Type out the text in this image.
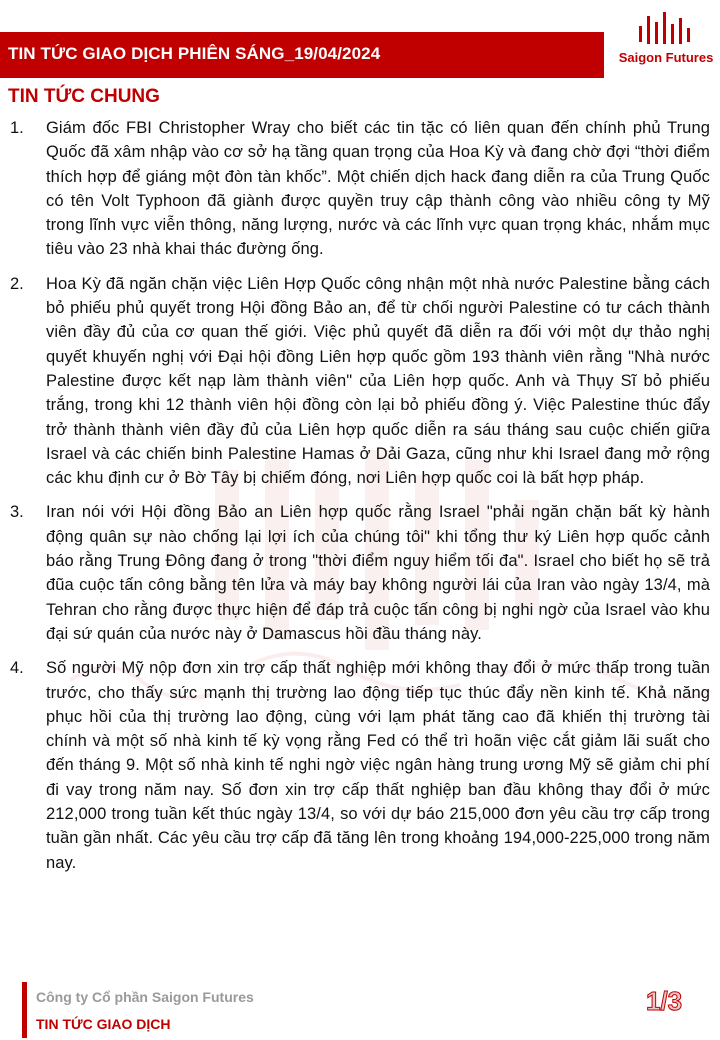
TIN TỨC GIAO DỊCH PHIÊN SÁNG_19/04/2024	Saigon Futures
TIN TỨC CHUNG
1. Giám đốc FBI Christopher Wray cho biết các tin tặc có liên quan đến chính phủ Trung Quốc đã xâm nhập vào cơ sở hạ tầng quan trọng của Hoa Kỳ và đang chờ đợi “thời điểm thích hợp để giáng một đòn tàn khốc”. Một chiến dịch hack đang diễn ra của Trung Quốc có tên Volt Typhoon đã giành được quyền truy cập thành công vào nhiều công ty Mỹ trong lĩnh vực viễn thông, năng lượng, nước và các lĩnh vực quan trọng khác, nhắm mục tiêu vào 23 nhà khai thác đường ống.

2. Hoa Kỳ đã ngăn chặn việc Liên Hợp Quốc công nhận một nhà nước Palestine bằng cách bỏ phiếu phủ quyết trong Hội đồng Bảo an, để từ chối người Palestine có tư cách thành viên đầy đủ của cơ quan thế giới. Việc phủ quyết đã diễn ra đối với một dự thảo nghị quyết khuyến nghị với Đại hội đồng Liên hợp quốc gồm 193 thành viên rằng "Nhà nước Palestine được kết nạp làm thành viên" của Liên hợp quốc. Anh và Thụy Sĩ bỏ phiếu trắng, trong khi 12 thành viên hội đồng còn lại bỏ phiếu đồng ý. Việc Palestine thúc đẩy trở thành thành viên đầy đủ của Liên hợp quốc diễn ra sáu tháng sau cuộc chiến giữa Israel và các chiến binh Palestine Hamas ở Dải Gaza, cũng như khi Israel đang mở rộng các khu định cư ở Bờ Tây bị chiếm đóng, nơi Liên hợp quốc coi là bất hợp pháp.

3. Iran nói với Hội đồng Bảo an Liên hợp quốc rằng Israel "phải ngăn chặn bất kỳ hành động quân sự nào chống lại lợi ích của chúng tôi" khi tổng thư ký Liên hợp quốc cảnh báo rằng Trung Đông đang ở trong "thời điểm nguy hiểm tối đa". Israel cho biết họ sẽ trả đũa cuộc tấn công bằng tên lửa và máy bay không người lái của Iran vào ngày 13/4, mà Tehran cho rằng được thực hiện để đáp trả cuộc tấn công bị nghi ngờ của Israel vào khu đại sứ quán của nước này ở Damascus hồi đầu tháng này.

4. Số người Mỹ nộp đơn xin trợ cấp thất nghiệp mới không thay đổi ở mức thấp trong tuần trước, cho thấy sức mạnh thị trường lao động tiếp tục thúc đẩy nền kinh tế. Khả năng phục hồi của thị trường lao động, cùng với lạm phát tăng cao đã khiến thị trường tài chính và một số nhà kinh tế kỳ vọng rằng Fed có thể trì hoãn việc cắt giảm lãi suất cho đến tháng 9. Một số nhà kinh tế nghi ngờ việc ngân hàng trung ương Mỹ sẽ giảm chi phí đi vay trong năm nay. Số đơn xin trợ cấp thất nghiệp ban đầu không thay đổi ở mức 212,000 trong tuần kết thúc ngày 13/4, so với dự báo 215,000 đơn yêu cầu trợ cấp trong tuần gần nhất. Các yêu cầu trợ cấp đã tăng lên trong khoảng 194,000-225,000 trong năm nay.

Công ty Cổ phần Saigon Futures
TIN TỨC GIAO DỊCH
1/3
